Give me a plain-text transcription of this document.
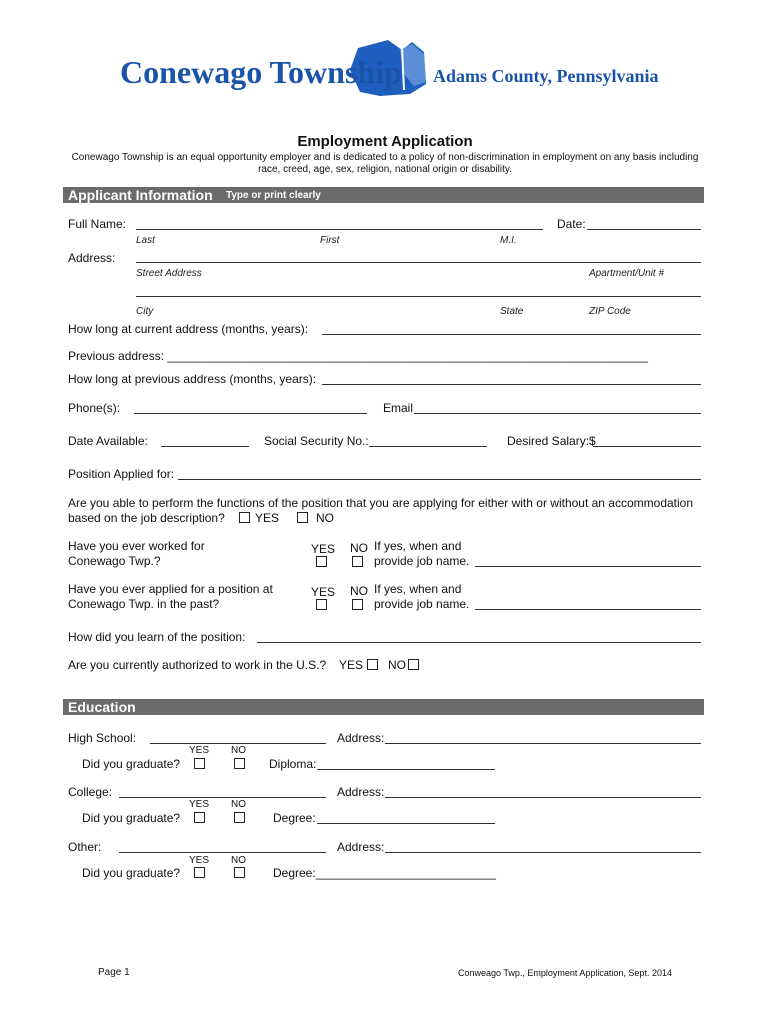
Conewago Township Adams County, Pennsylvania
Employment Application
Conewago Township is an equal opportunity employer and is dedicated to a policy of non-discrimination in employment on any basis including
race, creed, age, sex, religion, national origin or disability.
Applicant Information Type or print clearly
Full Name:	Date:
Last	First	M.I.
Address:
Street Address	Apartment/Unit #
City	State	ZIP Code
How long at current address (months, years):
Previous address: ________________________________________________________________________
How long at previous address (months, years):
Phone(s):	Email
Date Available:	Social Security No.:	Desired Salary:$
Position Applied for:
Are you able to perform the functions of the position that you are applying for either with or without an accommodation
based on the job description?	YES	NO
Have you ever worked for
Conewago Twp.?
YES NO If yes, when and
provide job name.
Have you ever applied for a position at
Conewago Twp. in the past?
YES NO If yes, when and
provide job name.
How did you learn of the position:
Are you currently authorized to work in the U.S.? YES NO
Education
High School:	Address:
YES NO
Did you graduate?	Diploma:
College:	Address:
YES NO
Did you graduate?	Degree:
Other:	Address:
YES NO
Did you graduate?	Degree:___________________________
Page 1	Conweago Twp., Employment Application, Sept. 2014
